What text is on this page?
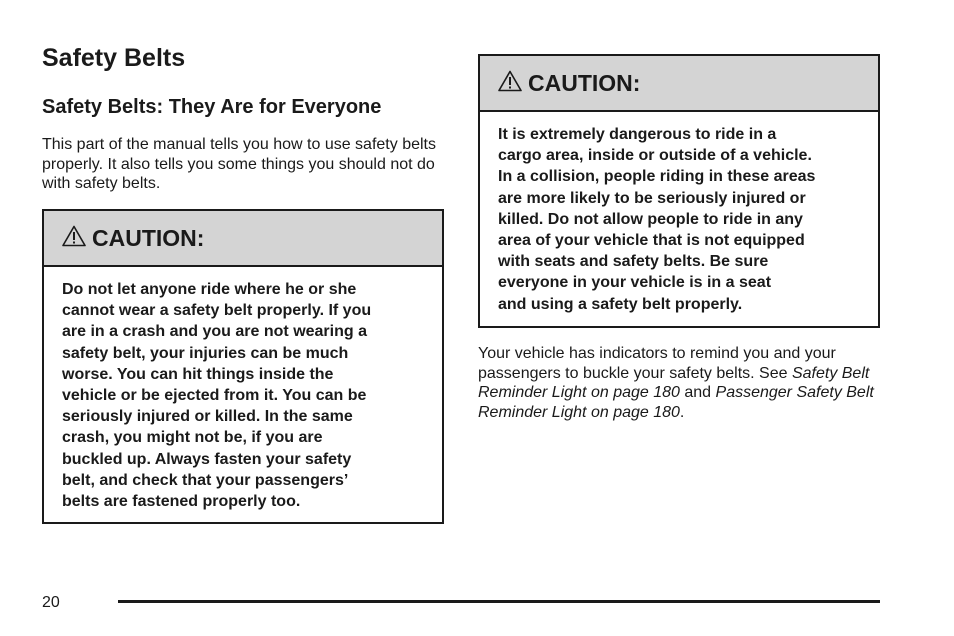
Safety Belts
Safety Belts: They Are for Everyone

This part of the manual tells you how to use safety belts properly. It also tells you some things you should not do with safety belts.

CAUTION:

Do not let anyone ride where he or she

cannot wear a safety belt properly. If you

are in a crash and you are not wearing a

safety belt, your injuries can be much

worse. You can hit things inside the

vehicle or be ejected from it. You can be

seriously injured or killed. In the same

crash, you might not be, if you are

buckled up. Always fasten your safety

belt, and check that your passengers’

belts are fastened properly too.

CAUTION:

It is extremely dangerous to ride in a

cargo area, inside or outside of a vehicle.

In a collision, people riding in these areas

are more likely to be seriously injured or

killed. Do not allow people to ride in any

area of your vehicle that is not equipped

with seats and safety belts. Be sure

everyone in your vehicle is in a seat

and using a safety belt properly.

Your vehicle has indicators to remind you and your passengers to buckle your safety belts. See Safety Belt Reminder Light on page 180 and Passenger Safety Belt Reminder Light on page 180.

20
